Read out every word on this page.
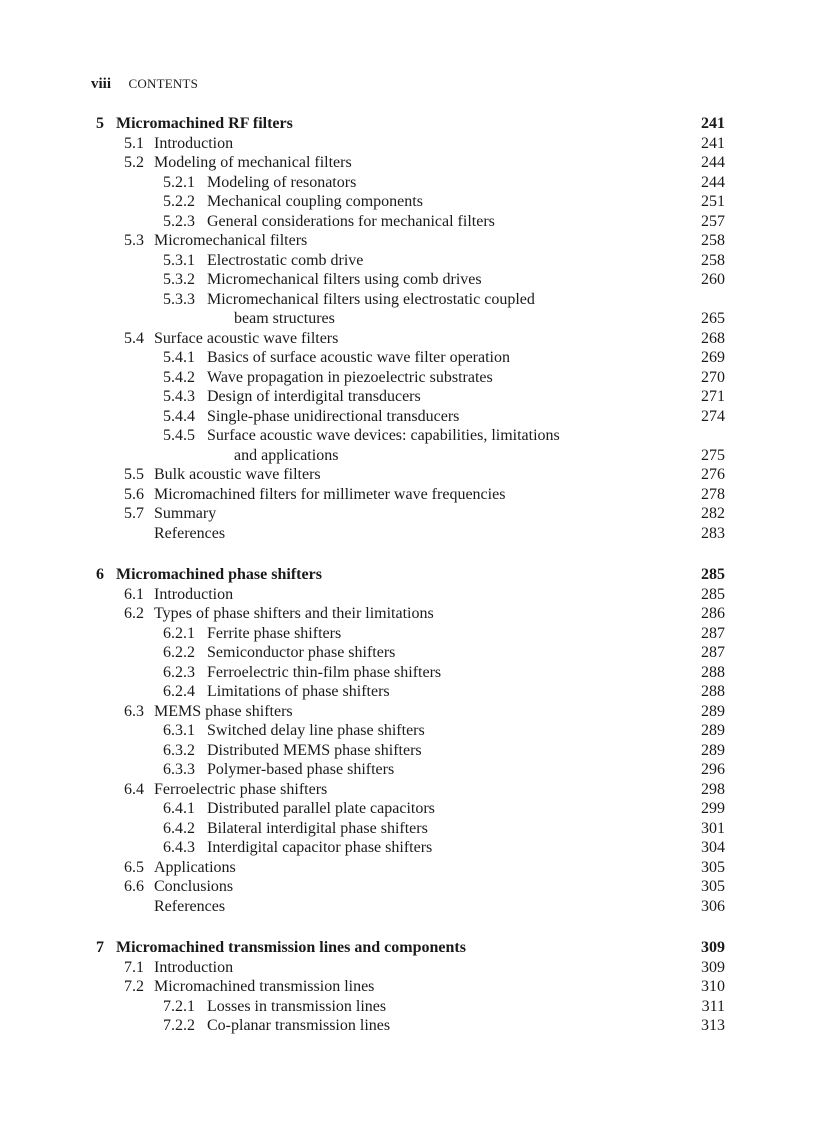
viii CONTENTS
5 Micromachined RF filters	241
5.1 Introduction	241
5.2 Modeling of mechanical filters	244
5.2.1 Modeling of resonators	244
5.2.2 Mechanical coupling components	251
5.2.3 General considerations for mechanical filters	257
5.3 Micromechanical filters	258
5.3.1 Electrostatic comb drive	258
5.3.2 Micromechanical filters using comb drives	260
5.3.3 Micromechanical filters using electrostatic coupled
beam structures	265
5.4 Surface acoustic wave filters	268
5.4.1 Basics of surface acoustic wave filter operation	269
5.4.2 Wave propagation in piezoelectric substrates	270
5.4.3 Design of interdigital transducers	271
5.4.4 Single-phase unidirectional transducers	274
5.4.5 Surface acoustic wave devices: capabilities, limitations
and applications	275
5.5 Bulk acoustic wave filters	276
5.6 Micromachined filters for millimeter wave frequencies	278
5.7 Summary	282
References	283
6 Micromachined phase shifters	285
6.1 Introduction	285
6.2 Types of phase shifters and their limitations	286
6.2.1 Ferrite phase shifters	287
6.2.2 Semiconductor phase shifters	287
6.2.3 Ferroelectric thin-film phase shifters	288
6.2.4 Limitations of phase shifters	288
6.3 MEMS phase shifters	289
6.3.1 Switched delay line phase shifters	289
6.3.2 Distributed MEMS phase shifters	289
6.3.3 Polymer-based phase shifters	296
6.4 Ferroelectric phase shifters	298
6.4.1 Distributed parallel plate capacitors	299
6.4.2 Bilateral interdigital phase shifters	301
6.4.3 Interdigital capacitor phase shifters	304
6.5 Applications	305
6.6 Conclusions	305
References	306
7 Micromachined transmission lines and components	309
7.1 Introduction	309
7.2 Micromachined transmission lines	310
7.2.1 Losses in transmission lines	311
7.2.2 Co-planar transmission lines	313
